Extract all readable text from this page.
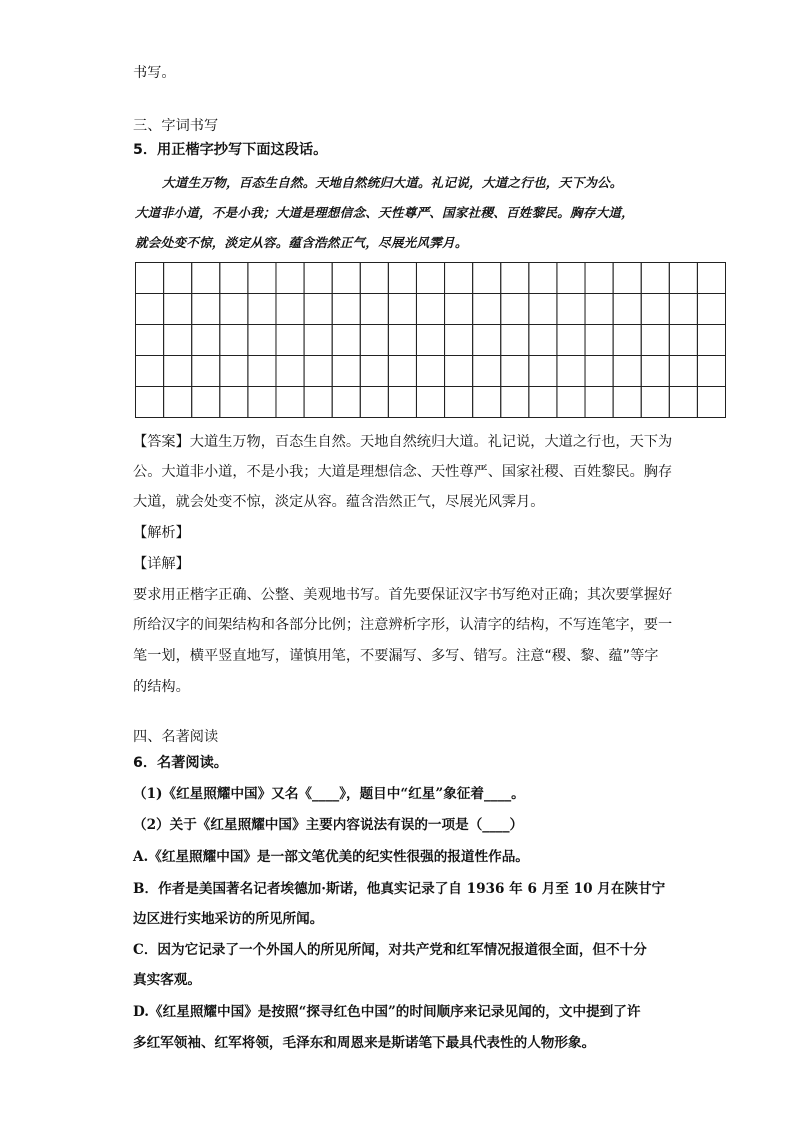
书写。
三、字词书写
5．用正楷字抄写下面这段话。
大道生万物，百态生自然。天地自然统归大道。礼记说，大道之行也，天下为公。
大道非小道，不是小我；大道是理想信念、天性尊严、国家社稷、百姓黎民。胸存大道，
就会处变不惊，淡定从容。蕴含浩然正气，尽展光风霁月。
【答案】大道生万物，百态生自然。天地自然统归大道。礼记说，大道之行也，天下为
公。大道非小道，不是小我；大道是理想信念、天性尊严、国家社稷、百姓黎民。胸存
大道，就会处变不惊，淡定从容。蕴含浩然正气，尽展光风霁月。
【解析】
【详解】
要求用正楷字正确、公整、美观地书写。首先要保证汉字书写绝对正确；其次要掌握好
所给汉字的间架结构和各部分比例；注意辨析字形，认清字的结构，不写连笔字，要一
笔一划，横平竖直地写，谨慎用笔，不要漏写、多写、错写。注意“稷、黎、蕴”等字
的结构。
四、名著阅读
6．名著阅读。
（1)《红星照耀中国》又名《____》，题目中“红星”象征着____。
（2）关于《红星照耀中国》主要内容说法有误的一项是（____）
A.《红星照耀中国》是一部文笔优美的纪实性很强的报道性作品。
B．作者是美国著名记者埃德加·斯诺，他真实记录了自 1936 年 6 月至 10 月在陕甘宁
边区进行实地采访的所见所闻。
C．因为它记录了一个外国人的所见所闻，对共产党和红军情况报道很全面，但不十分
真实客观。
D.《红星照耀中国》是按照“探寻红色中国”的时间顺序来记录见闻的，文中提到了许
多红军领袖、红军将领，毛泽东和周恩来是斯诺笔下最具代表性的人物形象。
